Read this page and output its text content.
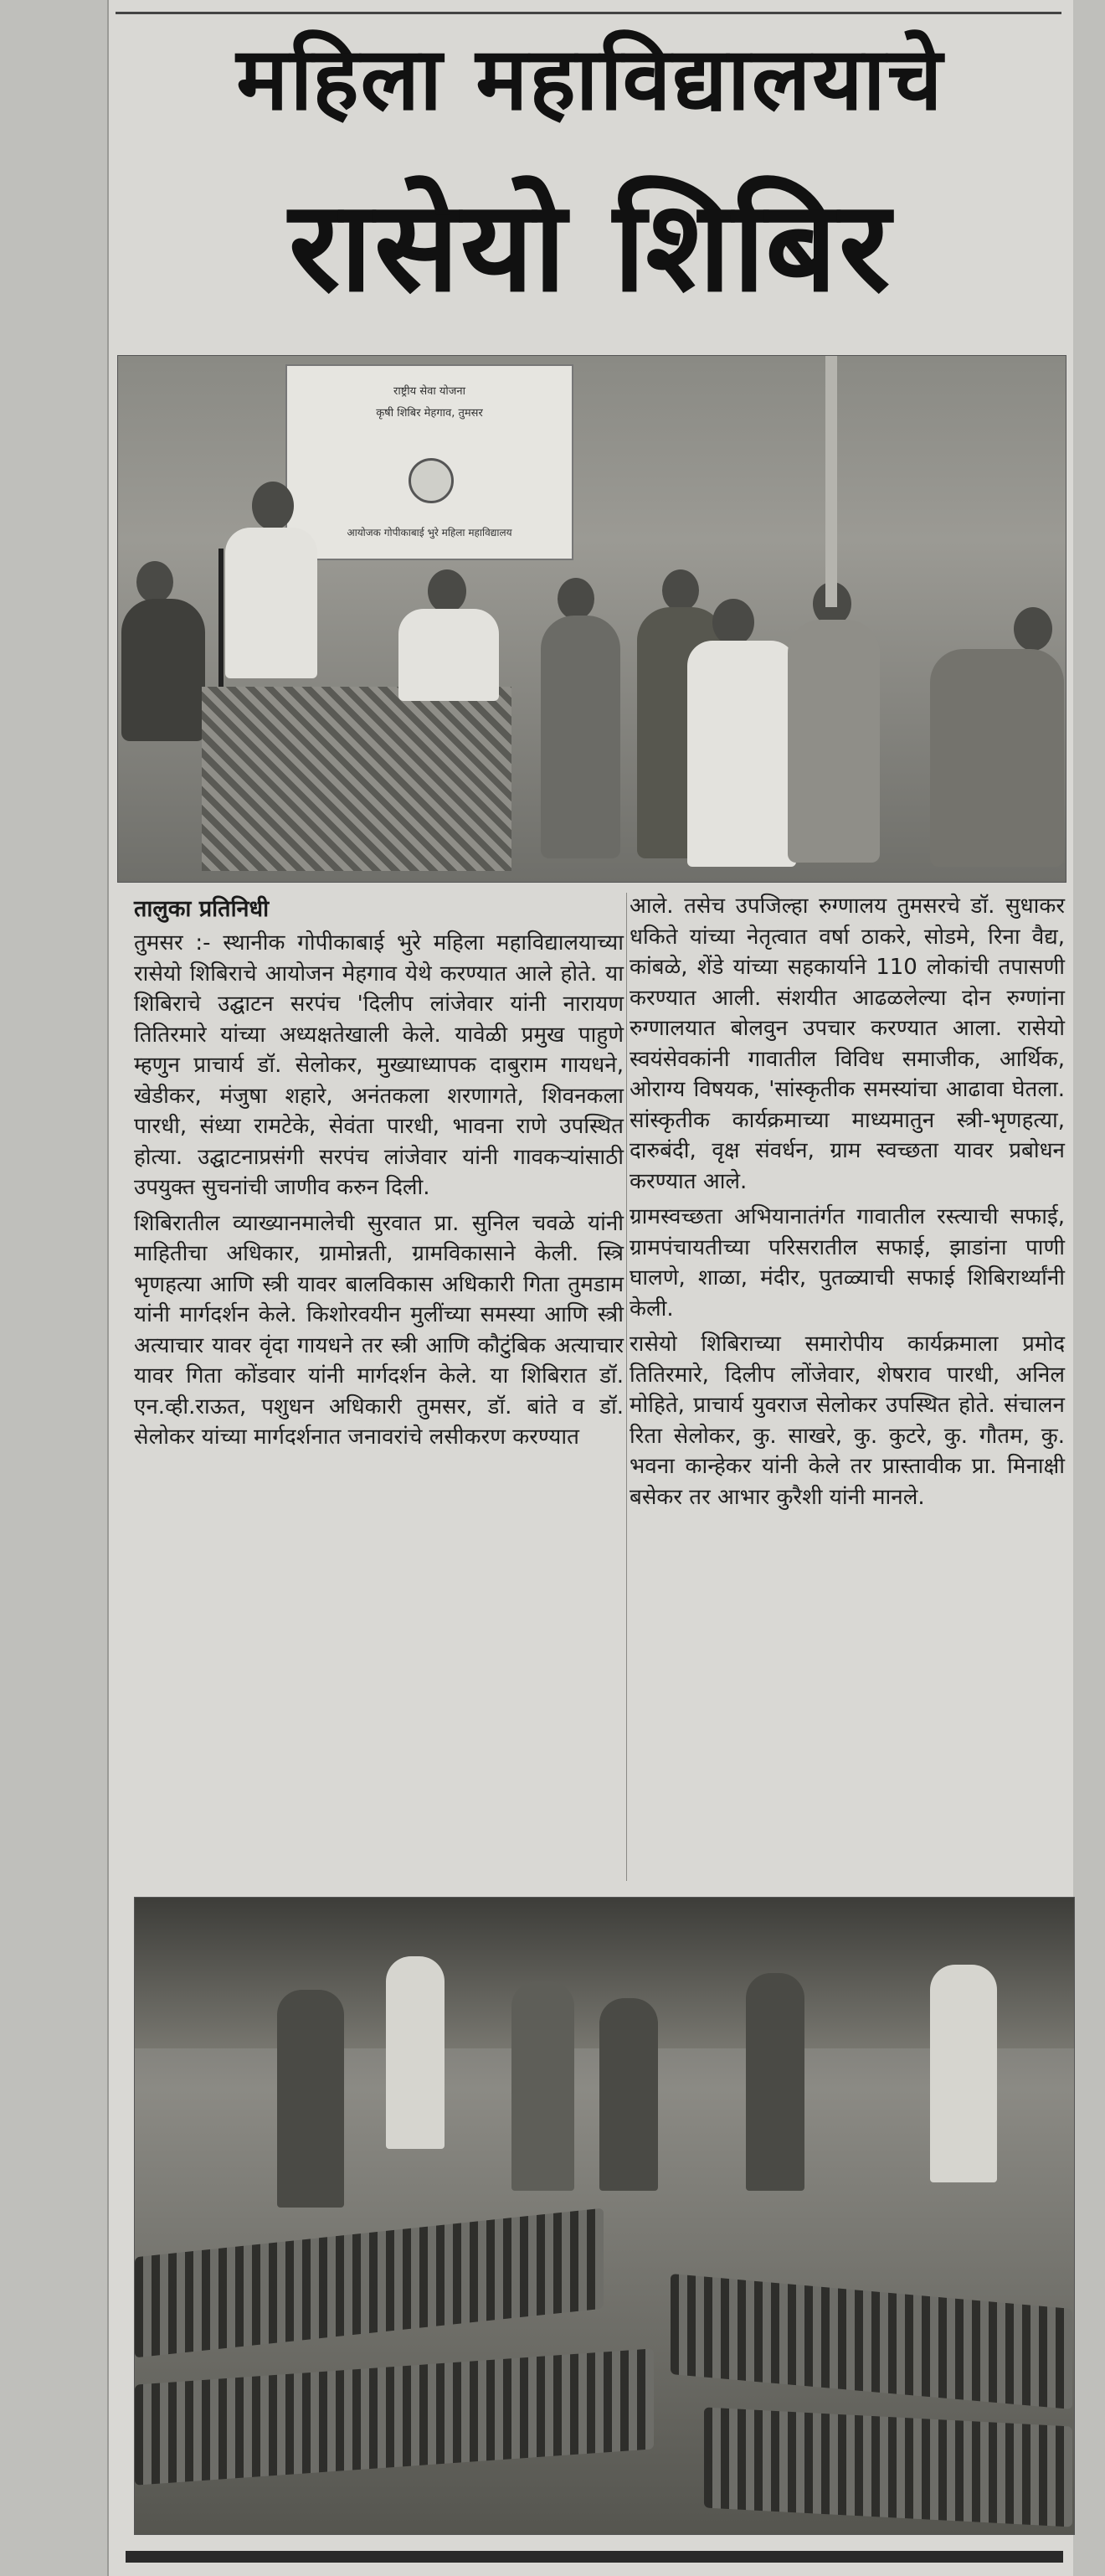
महिला महाविद्यालयाचे
रासेयो शिबिर
राष्ट्रीय सेवा योजना
कृषी शिबिर मेहगाव, तुमसर
आयोजक गोपीकाबाई भुरे महिला महाविद्यालय
तालुका प्रतिनिधी

तुमसर :- स्थानीक गोपीकाबाई भुरे महिला महाविद्यालयाच्या रासेयो शिबिराचे आयोजन मेहगाव येथे करण्यात आले होते. या शिबिराचे उद्घाटन सरपंच 'दिलीप लांजेवार यांनी नारायण तितिरमारे यांच्या अध्यक्षतेखाली केले. यावेळी प्रमुख पाहुणे म्हणुन प्राचार्य डॉ. सेलोकर, मुख्याध्यापक दाबुराम गायधने, खेडीकर, मंजुषा शहारे, अनंतकला शरणागते, शिवनकला पारधी, संध्या रामटेके, सेवंता पारधी, भावना राणे उपस्थित होत्या. उद्घाटनाप्रसंगी सरपंच लांजेवार यांनी गावकऱ्यांसाठी उपयुक्त सुचनांची जाणीव करुन दिली.

शिबिरातील व्याख्यानमालेची सुरवात प्रा. सुनिल चवळे यांनी माहितीचा अधिकार, ग्रामोन्नती, ग्रामविकासाने केली. स्त्रि भृणहत्या आणि स्त्री यावर बालविकास अधिकारी गिता तुमडाम यांनी मार्गदर्शन केले. किशोरवयीन मुलींच्या समस्या आणि स्त्री अत्याचार यावर वृंदा गायधने तर स्त्री आणि कौटुंबिक अत्याचार यावर गिता कोंडवार यांनी मार्गदर्शन केले. या शिबिरात डॉ. एन.व्ही.राऊत, पशुधन अधिकारी तुमसर, डॉ. बांते व डॉ. सेलोकर यांच्या मार्गदर्शनात जनावरांचे लसीकरण करण्यात

आले. तसेच उपजिल्हा रुग्णालय तुमसरचे डॉ. सुधाकर धकिते यांच्या नेतृत्वात वर्षा ठाकरे, सोडमे, रिना वैद्य, कांबळे, शेंडे यांच्या सहकार्याने 110 लोकांची तपासणी करण्यात आली. संशयीत आढळलेल्या दोन रुग्णांना रुग्णालयात बोलवुन उपचार करण्यात आला. रासेयो स्वयंसेवकांनी गावातील विविध समाजीक, आर्थिक, ओराग्य विषयक, 'सांस्कृतीक समस्यांचा आढावा घेतला. सांस्कृतीक कार्यक्रमाच्या माध्यमातुन स्त्री-भृणहत्या, दारुबंदी, वृक्ष संवर्धन, ग्राम स्वच्छता यावर प्रबोधन करण्यात आले.

ग्रामस्वच्छता अभियानातंर्गत गावातील रस्त्याची सफाई, ग्रामपंचायतीच्या परिसरातील सफाई, झाडांना पाणी घालणे, शाळा, मंदीर, पुतळ्याची सफाई शिबिरार्थ्यांनी केली.

रासेयो शिबिराच्या समारोपीय कार्यक्रमाला प्रमोद तितिरमारे, दिलीप लोंजेवार, शेषराव पारधी, अनिल मोहिते, प्राचार्य युवराज सेलोकर उपस्थित होते. संचालन रिता सेलोकर, कु. साखरे, कु. कुटरे, कु. गौतम, कु. भवना कान्हेकर यांनी केले तर प्रास्तावीक प्रा. मिनाक्षी बसेकर तर आभार कुरैशी यांनी मानले.
